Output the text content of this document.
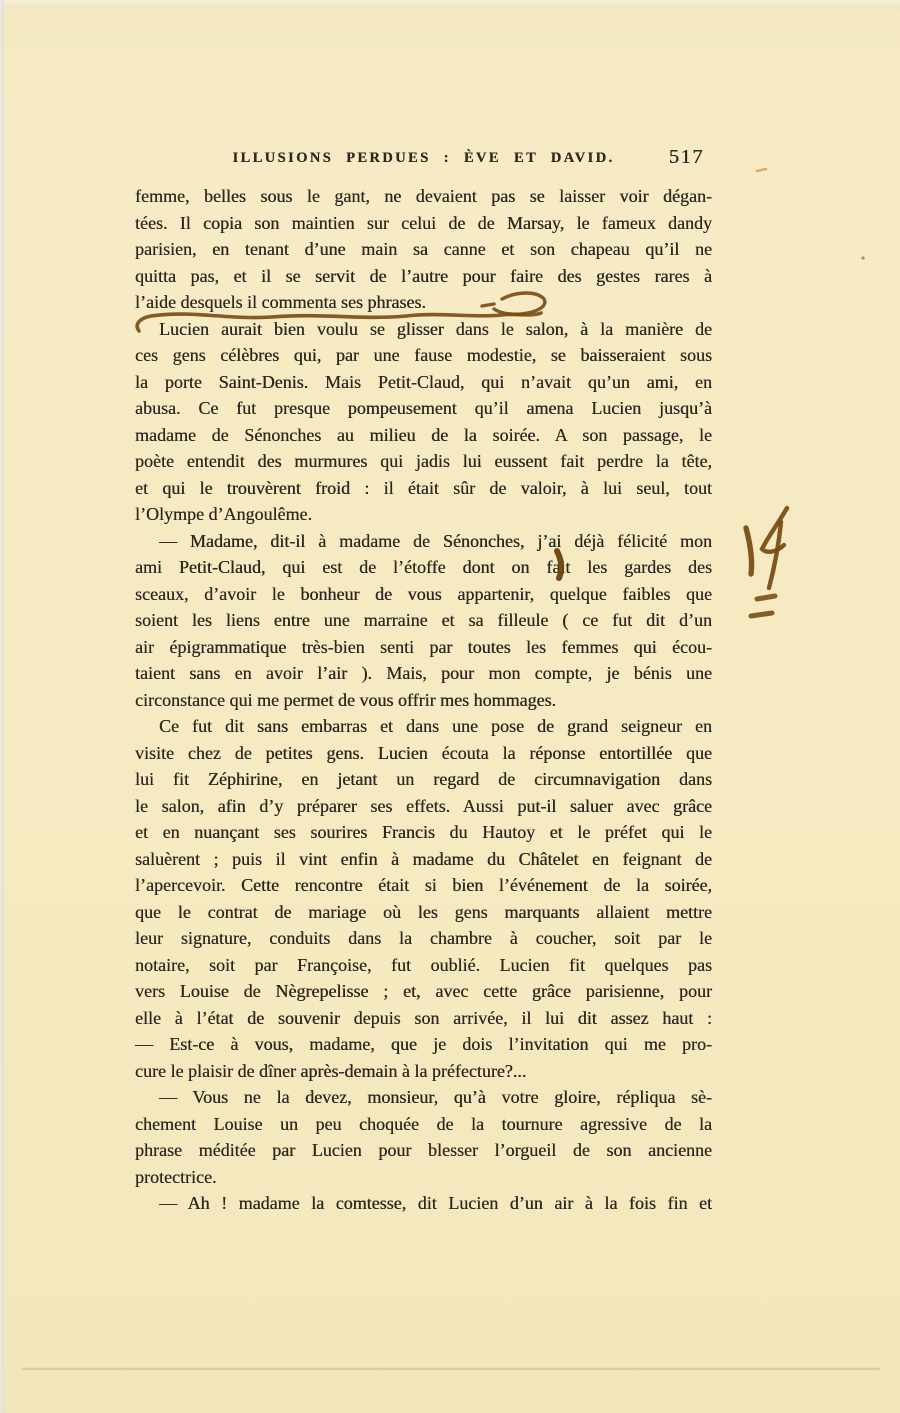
ILLUSIONS PERDUES : ÈVE ET DAVID.	517
femme, belles sous le gant, ne devaient pas se laisser voir dégan-
tées. Il copia son maintien sur celui de de Marsay, le fameux dandy
parisien, en tenant d’une main sa canne et son chapeau qu’il ne
quitta pas, et il se servit de l’autre pour faire des gestes rares à
l’aide desquels il commenta ses phrases.
Lucien aurait bien voulu se glisser dans le salon, à la manière de
ces gens célèbres qui, par une fause modestie, se baisseraient sous
la porte Saint-Denis. Mais Petit-Claud, qui n’avait qu’un ami, en
abusa. Ce fut presque pompeusement qu’il amena Lucien jusqu’à
madame de Sénonches au milieu de la soirée. A son passage, le
poète entendit des murmures qui jadis lui eussent fait perdre la tête,
et qui le trouvèrent froid : il était sûr de valoir, à lui seul, tout
l’Olympe d’Angoulême.
— Madame, dit-il à madame de Sénonches, j’ai déjà félicité mon
ami Petit-Claud, qui est de l’étoffe dont on fait les gardes des
sceaux, d’avoir le bonheur de vous appartenir, quelque faibles que
soient les liens entre une marraine et sa filleule ( ce fut dit d’un
air épigrammatique très-bien senti par toutes les femmes qui écou-
taient sans en avoir l’air ). Mais, pour mon compte, je bénis une
circonstance qui me permet de vous offrir mes hommages.
Ce fut dit sans embarras et dans une pose de grand seigneur en
visite chez de petites gens. Lucien écouta la réponse entortillée que
lui fit Zéphirine, en jetant un regard de circumnavigation dans
le salon, afin d’y préparer ses effets. Aussi put-il saluer avec grâce
et en nuançant ses sourires Francis du Hautoy et le préfet qui le
saluèrent ; puis il vint enfin à madame du Châtelet en feignant de
l’apercevoir. Cette rencontre était si bien l’événement de la soirée,
que le contrat de mariage où les gens marquants allaient mettre
leur signature, conduits dans la chambre à coucher, soit par le
notaire, soit par Françoise, fut oublié. Lucien fit quelques pas
vers Louise de Nègrepelisse ; et, avec cette grâce parisienne, pour
elle à l’état de souvenir depuis son arrivée, il lui dit assez haut :
— Est-ce à vous, madame, que je dois l’invitation qui me pro-
cure le plaisir de dîner après-demain à la préfecture?...
— Vous ne la devez, monsieur, qu’à votre gloire, répliqua sè-
chement Louise un peu choquée de la tournure agressive de la
phrase méditée par Lucien pour blesser l’orgueil de son ancienne
protectrice.
— Ah ! madame la comtesse, dit Lucien d’un air à la fois fin et
